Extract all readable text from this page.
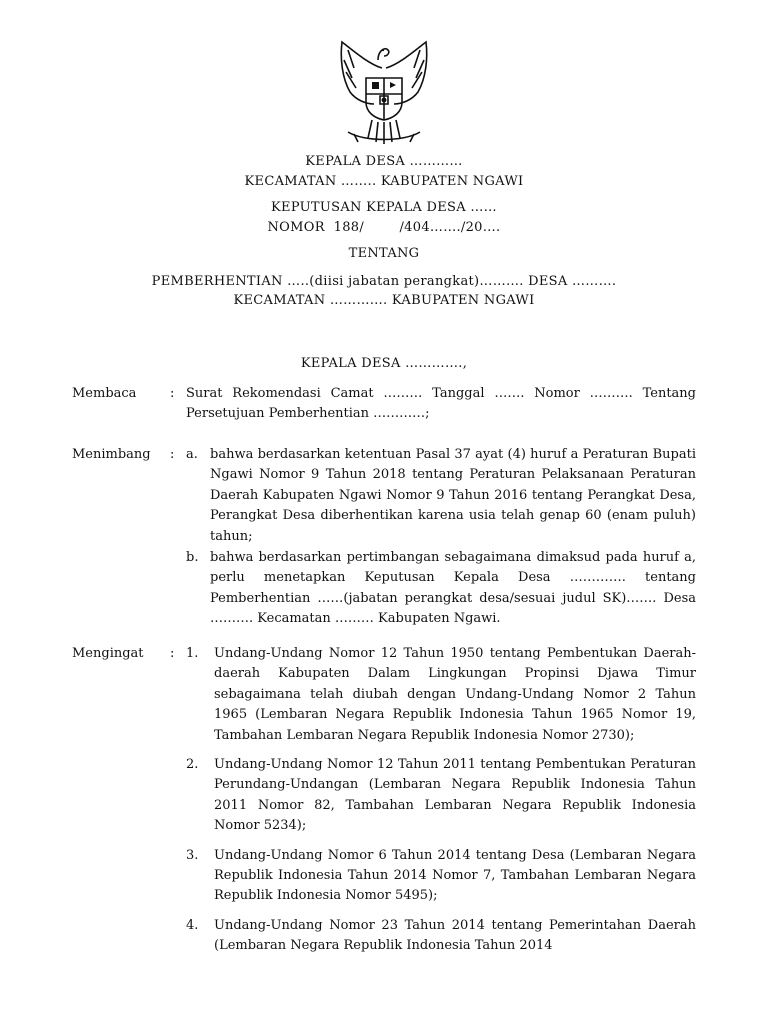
KEPALA DESA …………
KECAMATAN …….. KABUPATEN NGAWI
KEPUTUSAN KEPALA DESA ……
NOMOR  188/        /404……./20….
TENTANG
PEMBERHENTIAN …..(diisi jabatan perangkat)………. DESA ……….
KECAMATAN …………. KABUPATEN NGAWI
KEPALA DESA ………….,
Membaca	: Surat Rekomendasi Camat ……… Tanggal ……. Nomor ………. Tentang Persetujuan Pemberhentian …………;
Menimbang	: a. bahwa berdasarkan ketentuan Pasal 37 ayat (4) huruf a Peraturan Bupati Ngawi Nomor 9 Tahun 2018 tentang Peraturan Pelaksanaan Peraturan Daerah Kabupaten Ngawi Nomor 9 Tahun 2016 tentang Perangkat Desa, Perangkat Desa diberhentikan karena usia telah genap 60 (enam puluh) tahun;
b. bahwa berdasarkan pertimbangan sebagaimana dimaksud pada huruf a, perlu menetapkan Keputusan Kepala Desa …………. tentang Pemberhentian ……(jabatan perangkat desa/sesuai judul SK)……. Desa ………. Kecamatan ……… Kabupaten Ngawi.
Mengingat	: 1.	Undang-Undang Nomor 12 Tahun 1950 tentang Pembentukan Daerah-daerah Kabupaten Dalam Lingkungan Propinsi Djawa Timur sebagaimana telah diubah dengan Undang-Undang Nomor 2 Tahun 1965 (Lembaran Negara Republik Indonesia Tahun 1965 Nomor 19, Tambahan Lembaran Negara Republik Indonesia Nomor 2730);
2.	Undang-Undang Nomor 12 Tahun 2011 tentang Pembentukan Peraturan Perundang-Undangan (Lembaran Negara Republik Indonesia Tahun 2011 Nomor 82, Tambahan Lembaran Negara Republik Indonesia Nomor 5234);
3.	Undang-Undang Nomor 6 Tahun 2014 tentang Desa (Lembaran Negara Republik Indonesia Tahun 2014 Nomor 7, Tambahan Lembaran Negara Republik Indonesia Nomor 5495);
4.	Undang-Undang Nomor 23 Tahun 2014 tentang Pemerintahan Daerah (Lembaran Negara Republik Indonesia Tahun 2014
